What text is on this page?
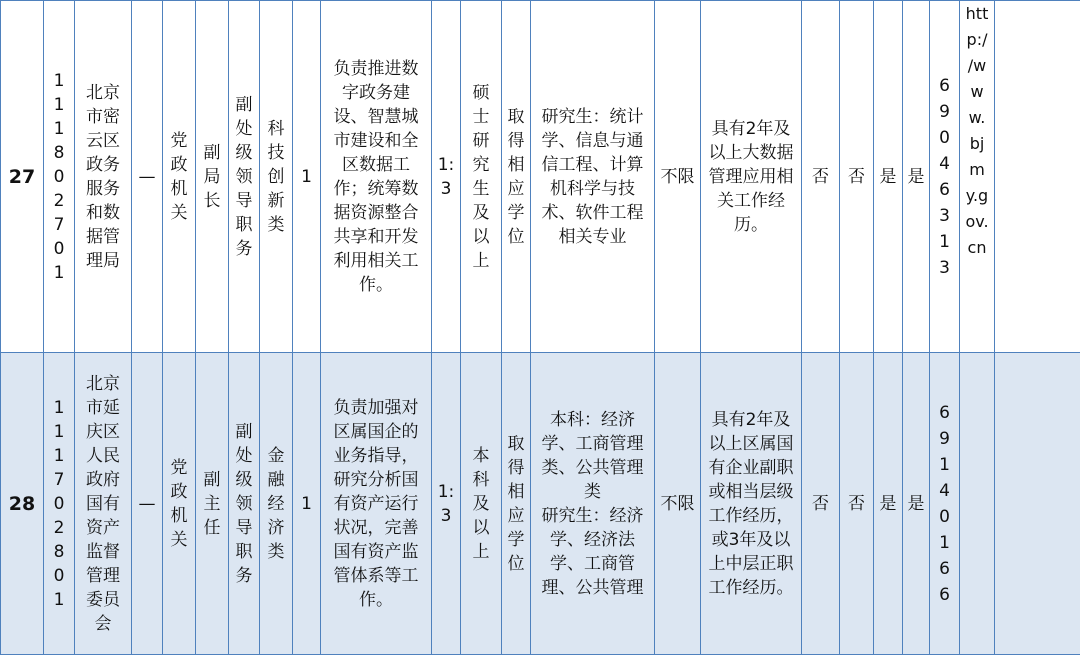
27	1118027 01	北京市密云区政务服务和数据管理局	—	党政机关	副局长	副处级领导职务	科技创新类	1	负责推进数字政务建设、智慧城市建设和全区数据工作；统筹数据资源整合共享和开发利用相关工作。	1:3	硕士研究生及以上	取得相应学位	研究生：统计学、信息与通信工程、计算机科学与技术、软件工程相关专业	不限	具有2年及以上大数据管理应用相关工作经历。	否	否	是	是	69046313	http://www.bjmy.gov.cn	
28	1117028 01	北京市延庆区人民政府国有资产监督管理委员会	—	党政机关	副主任	副处级领导职务	金融经济类	1	负责加强对区属国企的业务指导，研究分析国有资产运行状况，完善国有资产监管体系等工作。	1:3	本科及以上	取得相应学位	本科：经济学、工商管理类、公共管理类
研究生：经济学、经济法学、工商管理、公共管理	不限	具有2年及以上区属国有企业副职或相当层级工作经历，或3年及以上中层正职工作经历。	否	否	是	是	69140166		
